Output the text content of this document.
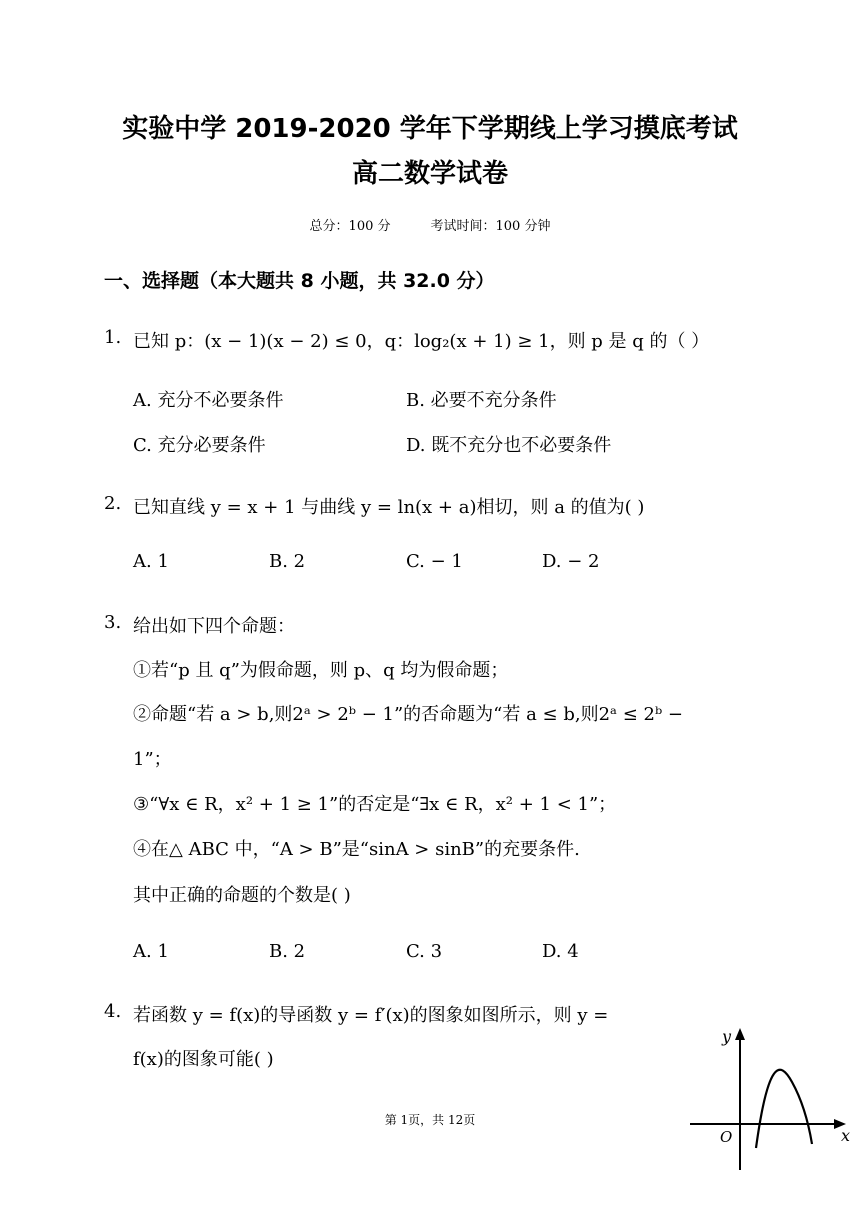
实验中学 2019-2020 学年下学期线上学习摸底考试
高二数学试卷
总分：100 分	考试时间：100 分钟
一、选择题（本大题共 8 小题，共 32.0 分）
1. 已知 p：(x − 1)(x − 2) ≤ 0，q：log₂(x + 1) ≥ 1，则 p 是 q 的（ ）
A. 充分不必要条件	B. 必要不充分条件
C. 充分必要条件	D. 既不充分也不必要条件
2. 已知直线 y = x + 1 与曲线 y = ln(x + a)相切，则 a 的值为( )
A. 1	B. 2	C. − 1	D. − 2
3. 给出如下四个命题：
①若“p 且 q”为假命题，则 p、q 均为假命题；
②命题“若 a > b,则2ᵃ > 2ᵇ − 1”的否命题为“若 a ≤ b,则2ᵃ ≤ 2ᵇ −
1”；
③“∀x ∈ R，x² + 1 ≥ 1”的否定是“∃x ∈ R，x² + 1 < 1”；
④在△ ABC 中，“A > B”是“sinA > sinB”的充要条件.
其中正确的命题的个数是( )
A. 1	B. 2	C. 3	D. 4
4. 若函数 y = f(x)的导函数 y = f′(x)的图象如图所示，则 y =
f(x)的图象可能( )
y
x
O
第 1页，共 12页
